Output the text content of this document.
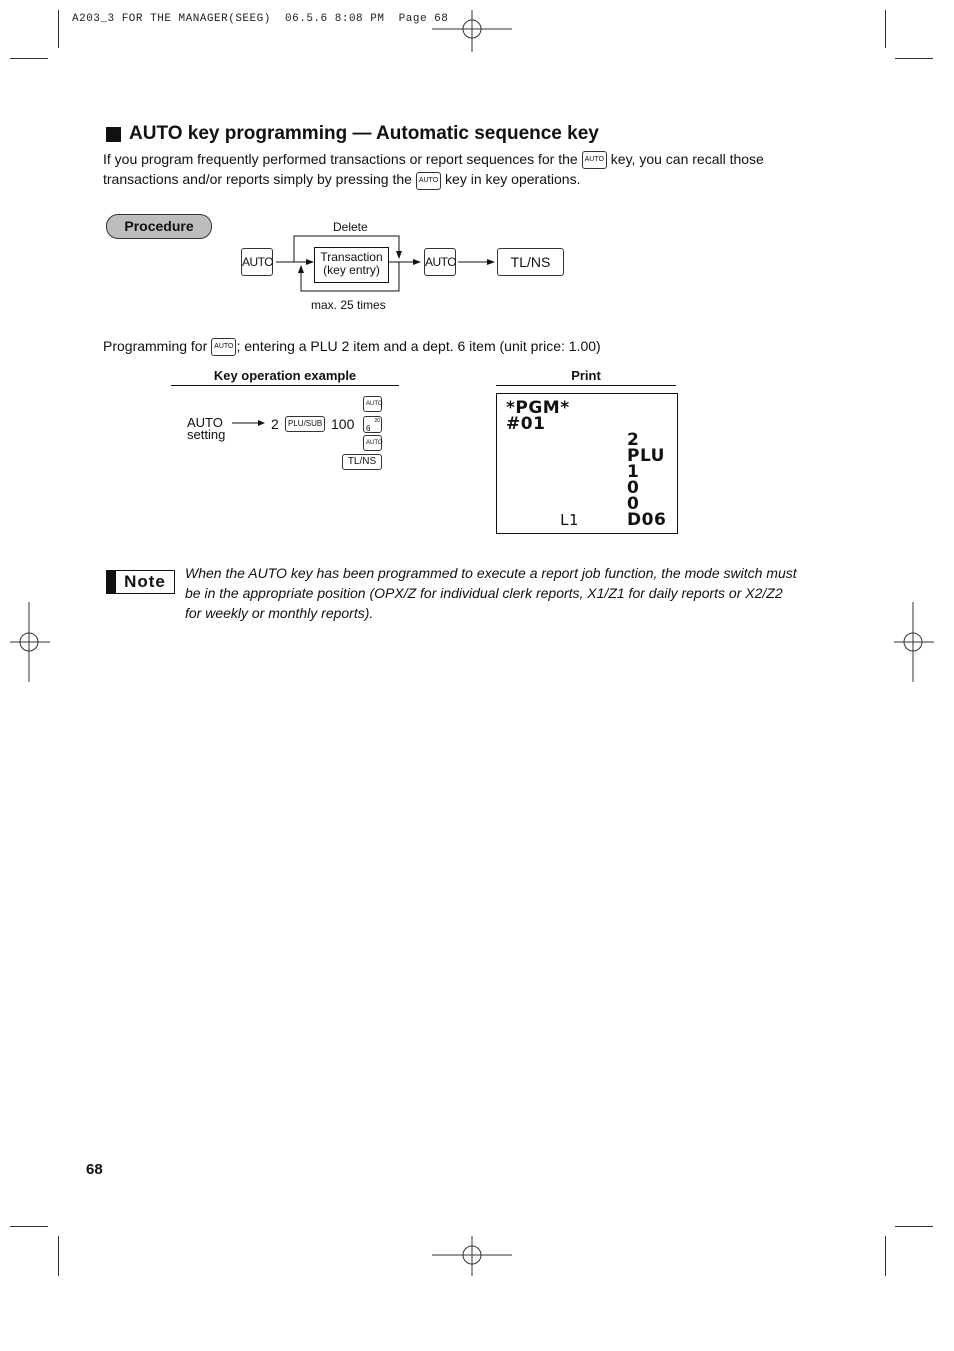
A203_3 FOR THE MANAGER(SEEG)  06.5.6 8:08 PM  Page 68
AUTO key programming — Automatic sequence key
If you program frequently performed transactions or report sequences for the AUTO key, you can recall those
transactions and/or reports simply by pressing the AUTO key in key operations.
Procedure
AUTO
Delete
Transaction
(key entry)
max. 25 times
AUTO	TL/NS
Programming for AUTO ; entering a PLU 2 item and a dept. 6 item (unit price: 1.00)
Key operation example
AUTO
setting
2	PLU/SUB 100
AUTO
20
6
AUTO
TL/NS
Print
*PGM*
#01
2
PLU
1
0
0
L1	D06
Note	When the AUTO key has been programmed to execute a report job function, the mode switch must
be in the appropriate position (OPX/Z for individual clerk reports, X1/Z1 for daily reports or X2/Z2
for weekly or monthly reports).
68
